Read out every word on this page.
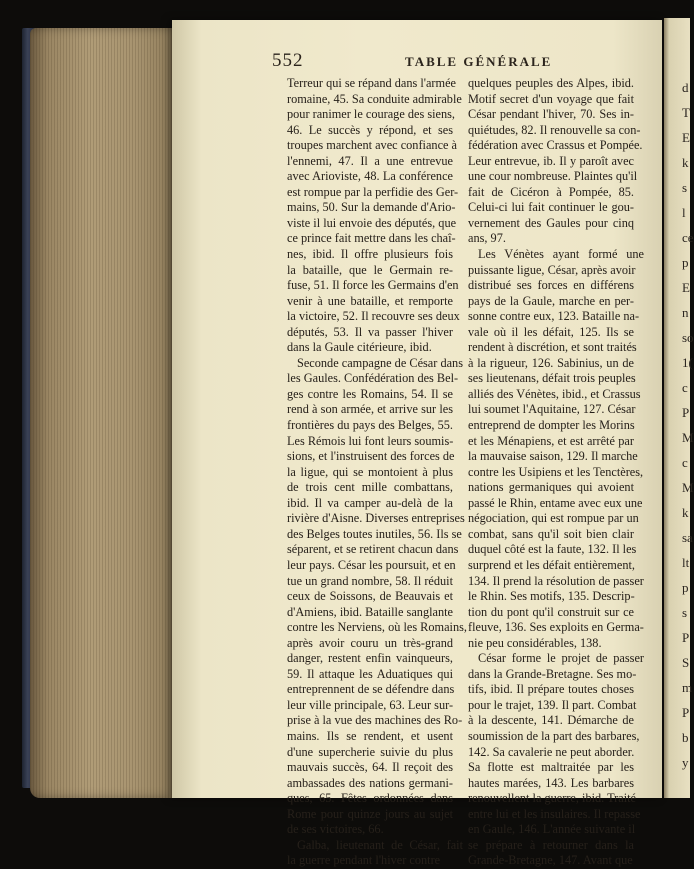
552	TABLE GÉNÉRALE
Terreur qui se répand dans l'armée
romaine, 45. Sa conduite admirable
pour ranimer le courage des siens,
46. Le succès y répond, et ses
troupes marchent avec confiance à
l'ennemi, 47. Il a une entrevue
avec Arioviste, 48. La conférence
est rompue par la perfidie des Ger-
mains, 50. Sur la demande d'Ario-
viste il lui envoie des députés, que
ce prince fait mettre dans les chaî-
nes, ibid. Il offre plusieurs fois
la bataille, que le Germain re-
fuse, 51. Il force les Germains d'en
venir à une bataille, et remporte
la victoire, 52. Il recouvre ses deux
députés, 53. Il va passer l'hiver
dans la Gaule citérieure, ibid.
Seconde campagne de César dans
les Gaules. Confédération des Bel-
ges contre les Romains, 54. Il se
rend à son armée, et arrive sur les
frontières du pays des Belges, 55.
Les Rémois lui font leurs soumis-
sions, et l'instruisent des forces de
la ligue, qui se montoient à plus
de trois cent mille combattans,
ibid. Il va camper au-delà de la
rivière d'Aisne. Diverses entreprises
des Belges toutes inutiles, 56. Ils se
séparent, et se retirent chacun dans
leur pays. César les poursuit, et en
tue un grand nombre, 58. Il réduit
ceux de Soissons, de Beauvais et
d'Amiens, ibid. Bataille sanglante
contre les Nerviens, où les Romains,
après avoir couru un très-grand
danger, restent enfin vainqueurs,
59. Il attaque les Aduatiques qui
entreprennent de se défendre dans
leur ville principale, 63. Leur sur-
prise à la vue des machines des Ro-
mains. Ils se rendent, et usent
d'une supercherie suivie du plus
mauvais succès, 64. Il reçoit des
ambassades des nations germani-
ques, 65. Fêtes ordonnées dans
Rome pour quinze jours au sujet
de ses victoires, 66.
Galba, lieutenant de César, fait
la guerre pendant l'hiver contre
quelques peuples des Alpes, ibid.
Motif secret d'un voyage que fait
César pendant l'hiver, 70. Ses in-
quiétudes, 82. Il renouvelle sa con-
fédération avec Crassus et Pompée.
Leur entrevue, ib. Il y paroît avec
une cour nombreuse. Plaintes qu'il
fait de Cicéron à Pompée, 85.
Celui-ci lui fait continuer le gou-
vernement des Gaules pour cinq
ans, 97.
Les Vénètes ayant formé une
puissante ligue, César, après avoir
distribué ses forces en différens
pays de la Gaule, marche en per-
sonne contre eux, 123. Bataille na-
vale où il les défait, 125. Ils se
rendent à discrétion, et sont traités
à la rigueur, 126. Sabinius, un de
ses lieutenans, défait trois peuples
alliés des Vénètes, ibid., et Crassus
lui soumet l'Aquitaine, 127. César
entreprend de dompter les Morins
et les Ménapiens, et est arrêté par
la mauvaise saison, 129. Il marche
contre les Usipiens et les Tenctères,
nations germaniques qui avoient
passé le Rhin, entame avec eux une
négociation, qui est rompue par un
combat, sans qu'il soit bien clair
duquel côté est la faute, 132. Il les
surprend et les défait entièrement,
134. Il prend la résolution de passer
le Rhin. Ses motifs, 135. Descrip-
tion du pont qu'il construit sur ce
fleuve, 136. Ses exploits en Germa-
nie peu considérables, 138.
César forme le projet de passer
dans la Grande-Bretagne. Ses mo-
tifs, ibid. Il prépare toutes choses
pour le trajet, 139. Il part. Combat
à la descente, 141. Démarche de
soumission de la part des barbares,
142. Sa cavalerie ne peut aborder.
Sa flotte est maltraitée par les
hautes marées, 143. Les barbares
renouvellent la guerre, ibid. Traité
entre lui et les insulaires. Il repasse
en Gaule, 146. L'année suivante il
se prépare à retourner dans la
Grande-Bretagne, 147. Avant que
d
T
E
k
s
l
ce
p
E
n
so
1(
c
P
M
c
M
k
sa
lt
p
s
P
S
m
P
b
y
